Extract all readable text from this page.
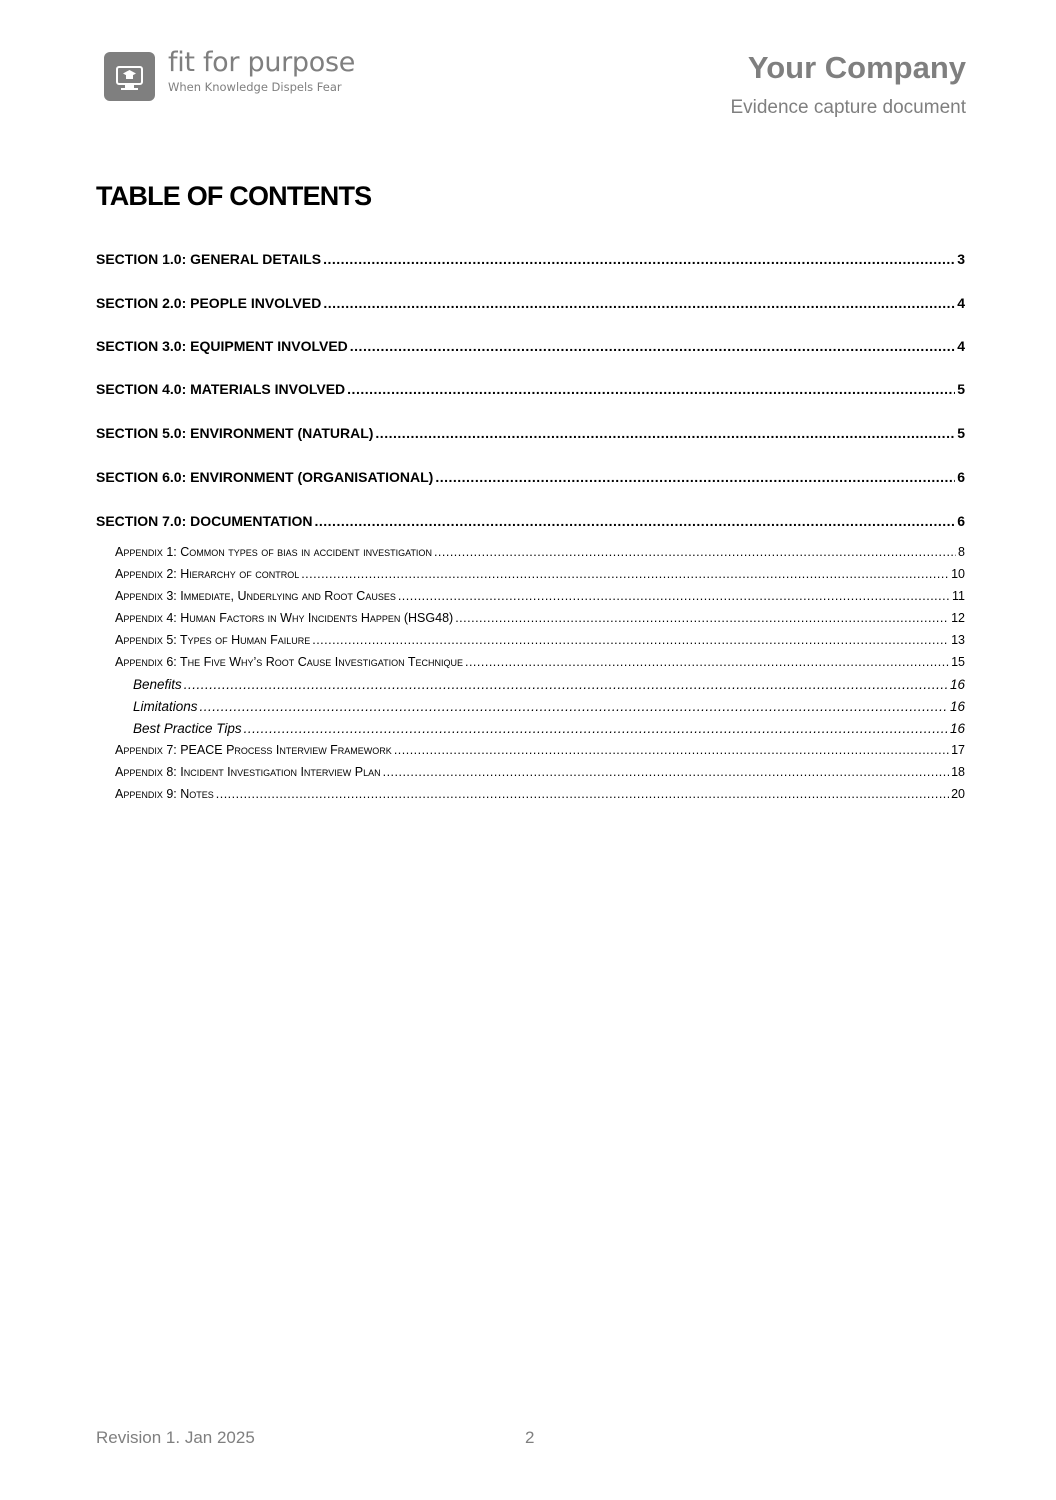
fit for purpose
When Knowledge Dispels Fear
Your Company
Evidence capture document
TABLE OF CONTENTS
SECTION 1.0: GENERAL DETAILS .....	3
SECTION 2.0: PEOPLE INVOLVED .....	4
SECTION 3.0: EQUIPMENT INVOLVED .....	4
SECTION 4.0: MATERIALS INVOLVED .....	5
SECTION 5.0: ENVIRONMENT (NATURAL) .....	5
SECTION 6.0: ENVIRONMENT (ORGANISATIONAL) .....	6
SECTION 7.0: DOCUMENTATION .....	6
Appendix 1: Common types of bias in accident investigation .....	8
Appendix 2: Hierarchy of control .....	10
Appendix 3: Immediate, Underlying and Root Causes .....	11
Appendix 4: Human Factors in Why Incidents Happen (HSG48) .....	12
Appendix 5: Types of Human Failure .....	13
Appendix 6: The Five Why’s Root Cause Investigation Technique .....	15
Benefits .....	16
Limitations .....	16
Best Practice Tips .....	16
Appendix 7: PEACE Process Interview Framework .....	17
Appendix 8: Incident Investigation Interview Plan .....	18
Appendix 9: Notes .....	20
Revision 1. Jan 2025	2
